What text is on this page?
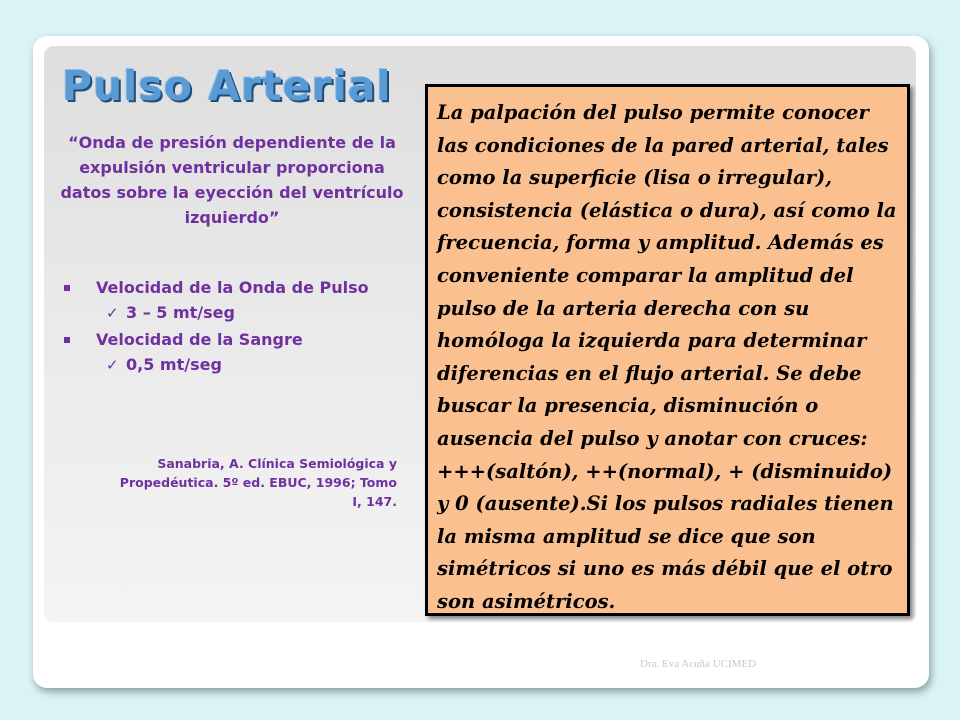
Pulso Arterial

“Onda de presión dependiente de la expulsión ventricular proporciona datos sobre la eyección del ventrículo izquierdo”

Velocidad de la Onda de Pulso
✓ 3 – 5 mt/seg
Velocidad de la Sangre
✓ 0,5 mt/seg

Sanabria, A. Clínica Semiológica y Propedéutica. 5º ed. EBUC, 1996; Tomo I, 147.

La palpación del pulso permite conocer las condiciones de la pared arterial, tales como la superficie (lisa o irregular), consistencia (elástica o dura), así como la frecuencia, forma y amplitud. Además es conveniente comparar la amplitud del pulso de la arteria derecha con su homóloga la izquierda para determinar diferencias en el flujo arterial. Se debe buscar la presencia, disminución o ausencia del pulso y anotar con cruces: +++(saltón), ++(normal), + (disminuido) y 0 (ausente).Si los pulsos radiales tienen la misma amplitud se dice que son simétricos si uno es más débil que el otro son asimétricos.

Dra. Eva Acuña UCIMED
